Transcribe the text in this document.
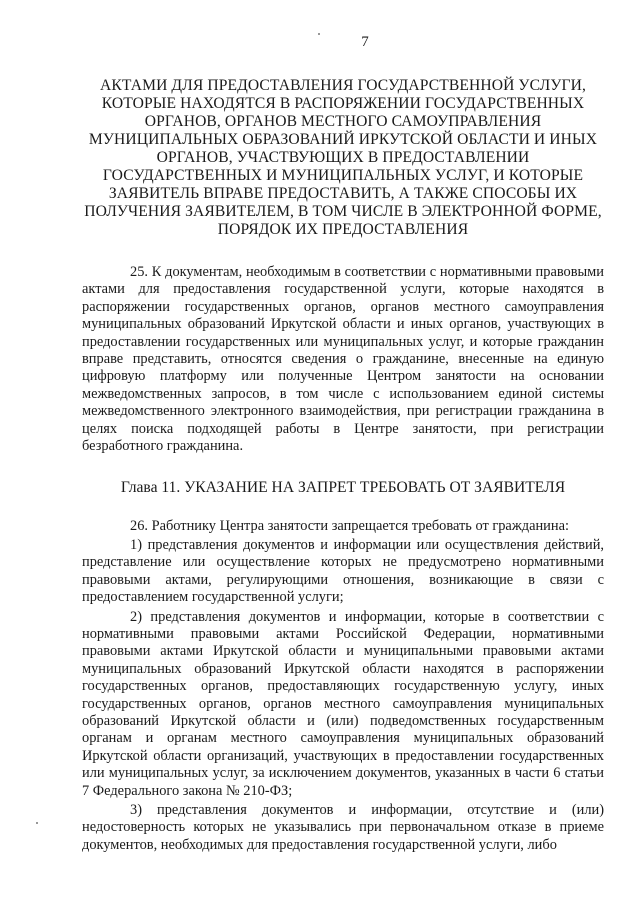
7
АКТАМИ ДЛЯ ПРЕДОСТАВЛЕНИЯ ГОСУДАРСТВЕННОЙ УСЛУГИ, КОТОРЫЕ НАХОДЯТСЯ В РАСПОРЯЖЕНИИ ГОСУДАРСТВЕННЫХ ОРГАНОВ, ОРГАНОВ МЕСТНОГО САМОУПРАВЛЕНИЯ МУНИЦИПАЛЬНЫХ ОБРАЗОВАНИЙ ИРКУТСКОЙ ОБЛАСТИ И ИНЫХ ОРГАНОВ, УЧАСТВУЮЩИХ В ПРЕДОСТАВЛЕНИИ ГОСУДАРСТВЕННЫХ И МУНИЦИПАЛЬНЫХ УСЛУГ, И КОТОРЫЕ ЗАЯВИТЕЛЬ ВПРАВЕ ПРЕДОСТАВИТЬ, А ТАКЖЕ СПОСОБЫ ИХ ПОЛУЧЕНИЯ ЗАЯВИТЕЛЕМ, В ТОМ ЧИСЛЕ В ЭЛЕКТРОННОЙ ФОРМЕ, ПОРЯДОК ИХ ПРЕДОСТАВЛЕНИЯ

25. К документам, необходимым в соответствии с нормативными правовыми актами для предоставления государственной услуги, которые находятся в распоряжении государственных органов, органов местного самоуправления муниципальных образований Иркутской области и иных органов, участвующих в предоставлении государственных или муниципальных услуг, и которые гражданин вправе представить, относятся сведения о гражданине, внесенные на единую цифровую платформу или полученные Центром занятости на основании межведомственных запросов, в том числе с использованием единой системы межведомственного электронного взаимодействия, при регистрации гражданина в целях поиска подходящей работы в Центре занятости, при регистрации безработного гражданина.

Глава 11. УКАЗАНИЕ НА ЗАПРЕТ ТРЕБОВАТЬ ОТ ЗАЯВИТЕЛЯ

26. Работнику Центра занятости запрещается требовать от гражданина:

1) представления документов и информации или осуществления действий, представление или осуществление которых не предусмотрено нормативными правовыми актами, регулирующими отношения, возникающие в связи с предоставлением государственной услуги;

2) представления документов и информации, которые в соответствии с нормативными правовыми актами Российской Федерации, нормативными правовыми актами Иркутской области и муниципальными правовыми актами муниципальных образований Иркутской области находятся в распоряжении государственных органов, предоставляющих государственную услугу, иных государственных органов, органов местного самоуправления муниципальных образований Иркутской области и (или) подведомственных государственным органам и органам местного самоуправления муниципальных образований Иркутской области организаций, участвующих в предоставлении государственных или муниципальных услуг, за исключением документов, указанных в части 6 статьи 7 Федерального закона № 210-ФЗ;

3) представления документов и информации, отсутствие и (или) недостоверность которых не указывались при первоначальном отказе в приеме документов, необходимых для предоставления государственной услуги, либо
